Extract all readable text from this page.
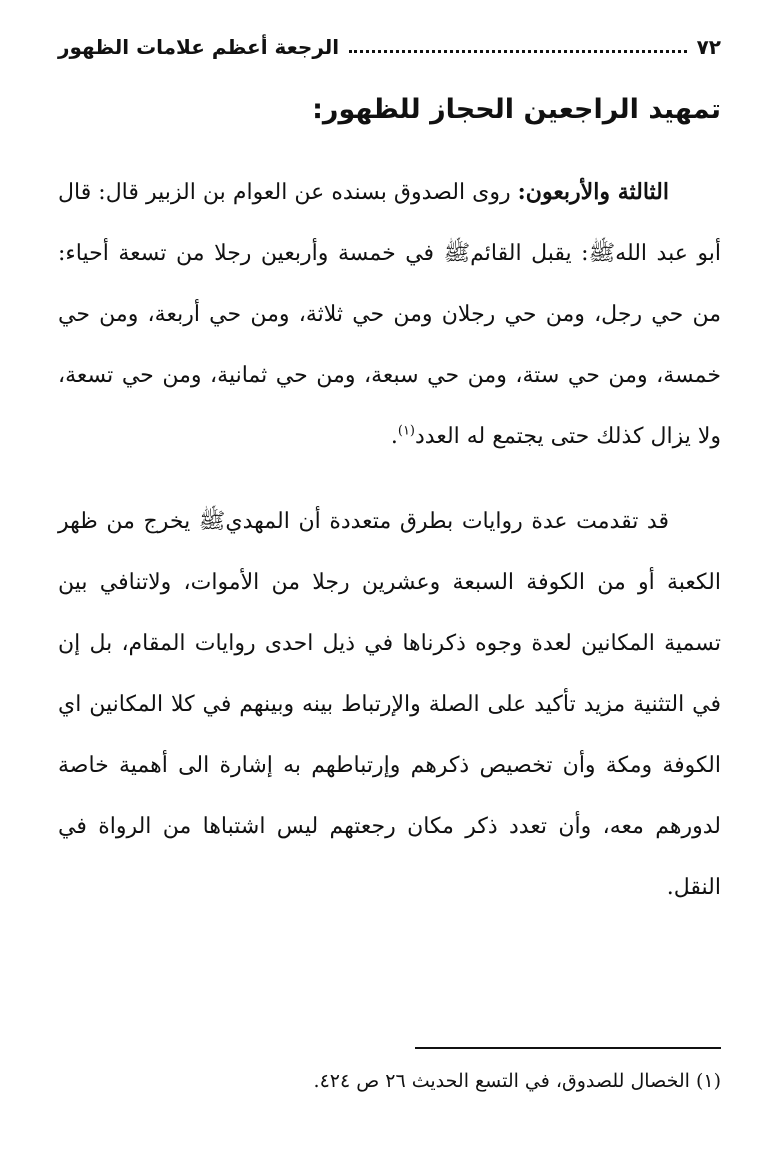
٧٢
الرجعة أعظم علامات الظهور
تمهيد الراجعين الحجاز للظهور:

الثالثة والأربعون: روى الصدوق بسنده عن العوام بن الزبير قال: قال أبو عبد الله‏ﷺ: يقبل القائم‏ﷺ في خمسة وأربعين رجلا من تسعة أحياء: من حي رجل، ومن حي رجلان ومن حي ثلاثة، ومن حي أربعة، ومن حي خمسة، ومن حي ستة، ومن حي سبعة، ومن حي ثمانية، ومن حي تسعة، ولا يزال كذلك حتى يجتمع له العدد$^{(١)}$.

قد تقدمت عدة روايات بطرق متعددة أن المهدي‏ﷺ يخرج من ظهر الكعبة أو من الكوفة السبعة وعشرين رجلا من الأموات، ولاتنافي بين تسمية المكانين لعدة وجوه ذكرناها في ذيل احدى روايات المقام، بل إن في التثنية مزيد تأكيد على الصلة والإرتباط بينه وبينهم في كلا المكانين اي الكوفة ومكة وأن تخصيص ذكرهم وإرتباطهم به إشارة الى أهمية خاصة لدورهم معه، وأن تعدد ذكر مكان رجعتهم ليس اشتباها من الرواة في النقل.

(١) الخصال للصدوق، في التسع الحديث ٢٦ ص ٤٢٤.
